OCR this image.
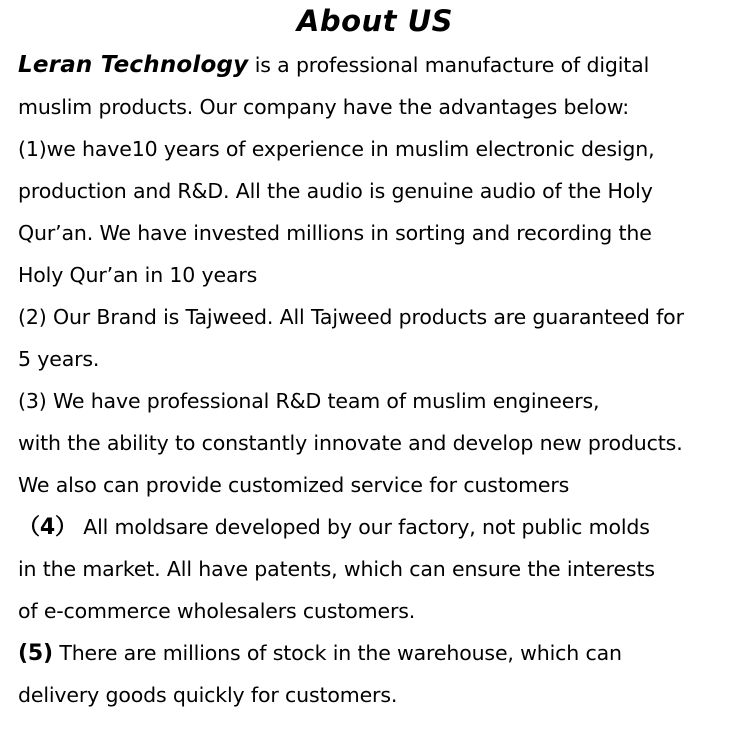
About US
Leran Technology is a professional manufacture of digital
muslim products. Our company have the advantages below:
(1)we have10 years of experience in muslim electronic design,
production and R&D. All the audio is genuine audio of the Holy
Qur’an. We have invested millions in sorting and recording the
Holy Qur’an in 10 years
(2) Our Brand is Tajweed. All Tajweed products are guaranteed for
5 years.
(3) We have professional R&D team of muslim engineers,
with the ability to constantly innovate and develop new products.
We also can provide customized service for customers
（4） All moldsare developed by our factory, not public molds
in the market. All have patents, which can ensure the interests
of e-commerce wholesalers customers.
(5) There are millions of stock in the warehouse, which can
delivery goods quickly for customers.
